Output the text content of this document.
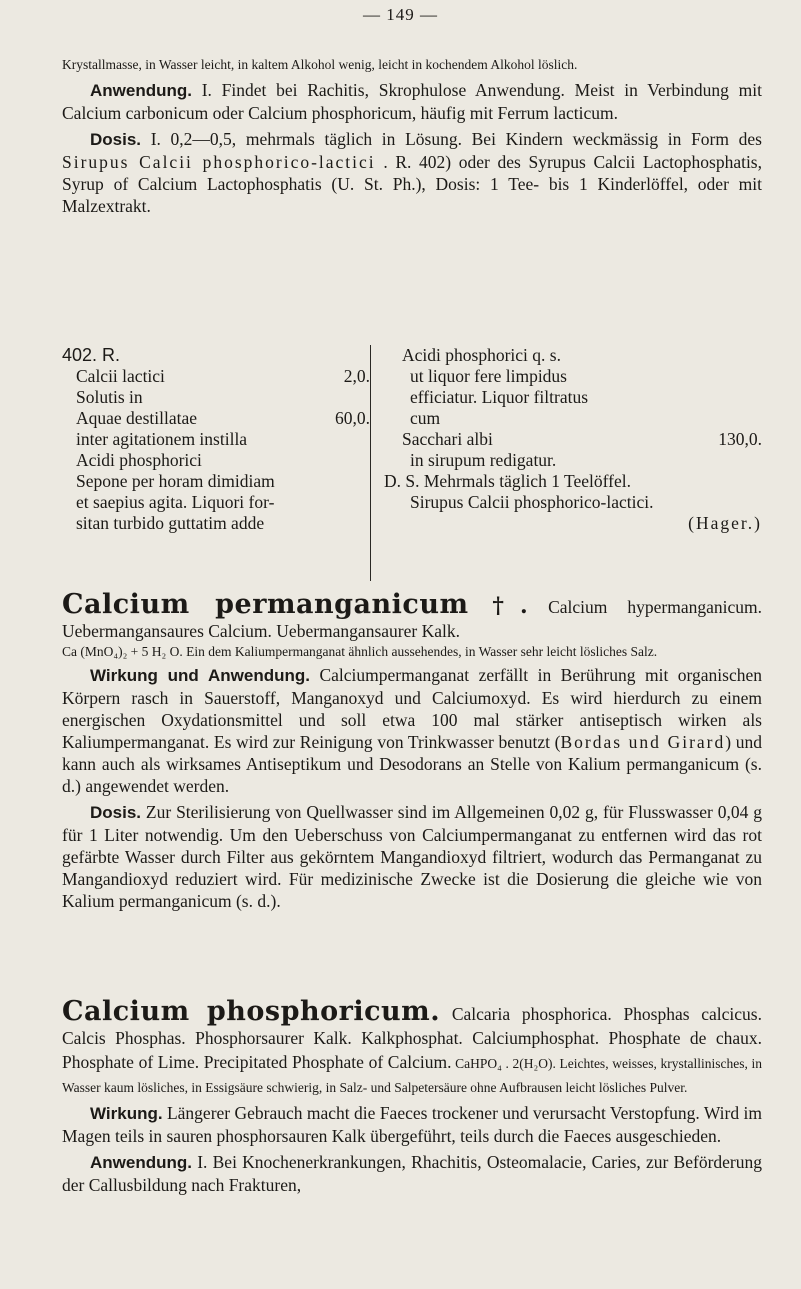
— 149 —

Krystallmasse, in Wasser leicht, in kaltem Alkohol wenig, leicht in kochendem Alkohol löslich.

Anwendung. I. Findet bei Rachitis, Skrophulose Anwendung. Meist in Verbindung mit Calcium carbonicum oder Calcium phosphoricum, häufig mit Ferrum lacticum.

Dosis. I. 0,2—0,5, mehrmals täglich in Lösung. Bei Kindern weckmässig in Form des Sirupus Calcii phosphorico-lactici . R. 402) oder des Syrupus Calcii Lactophosphatis, Syrup of Calcium Lactophosphatis (U. St. Ph.), Dosis: 1 Tee- bis 1 Kinderlöffel, oder mit Malzextrakt.

402. R.
Calcii lactici	2,0.
Solutis in
Aquae destillatae	60,0.
inter agitationem instilla
Acidi phosphorici
Sepone per horam dimidiam
et saepius agita. Liquori for-
sitan turbido guttatim adde
Acidi phosphorici q. s.
ut liquor fere limpidus
efficiatur. Liquor filtratus
cum
Sacchari albi	130,0.
in sirupum redigatur.
D. S. Mehrmals täglich 1 Teelöffel.
Sirupus Calcii phosphorico-lactici.
(Hager.)

Calcium permanganicum †. Calcium hypermanganicum. Uebermangansaures Calcium. Uebermangansaurer Kalk.

Ca (MnO₄)₂ + 5 H₂ O. Ein dem Kaliumpermanganat ähnlich aussehendes, in Wasser sehr leicht lösliches Salz.

Wirkung und Anwendung. Calciumpermanganat zerfällt in Berührung mit organischen Körpern rasch in Sauerstoff, Manganoxyd und Calciumoxyd. Es wird hierdurch zu einem energischen Oxydationsmittel und soll etwa 100 mal stärker antiseptisch wirken als Kaliumpermanganat. Es wird zur Reinigung von Trinkwasser benutzt (Bordas und Girard) und kann auch als wirksames Antiseptikum und Desodorans an Stelle von Kalium permanganicum (s. d.) angewendet werden.

Dosis. Zur Sterilisierung von Quellwasser sind im Allgemeinen 0,02 g, für Flusswasser 0,04 g für 1 Liter notwendig. Um den Ueberschuss von Calciumpermanganat zu entfernen wird das rot gefärbte Wasser durch Filter aus gekörntem Mangandioxyd filtriert, wodurch das Permanganat zu Mangandioxyd reduziert wird. Für medizinische Zwecke ist die Dosierung die gleiche wie von Kalium permanganicum (s. d.).

Calcium phosphoricum. Calcaria phosphorica. Phosphas calcicus. Calcis Phosphas. Phosphorsaurer Kalk. Kalkphosphat. Calciumphosphat. Phosphate de chaux. Phosphate of Lime. Precipitated Phosphate of Calcium. CaHPO₄ . 2(H₂O). Leichtes, weisses, krystallinisches, in Wasser kaum lösliches, in Essigsäure schwierig, in Salz- und Salpetersäure ohne Aufbrausen leicht lösliches Pulver.

Wirkung. Längerer Gebrauch macht die Faeces trockener und verursacht Verstopfung. Wird im Magen teils in sauren phosphorsauren Kalk übergeführt, teils durch die Faeces ausgeschieden.

Anwendung. I. Bei Knochenerkrankungen, Rhachitis, Osteomalacie, Caries, zur Beförderung der Callusbildung nach Frakturen,
